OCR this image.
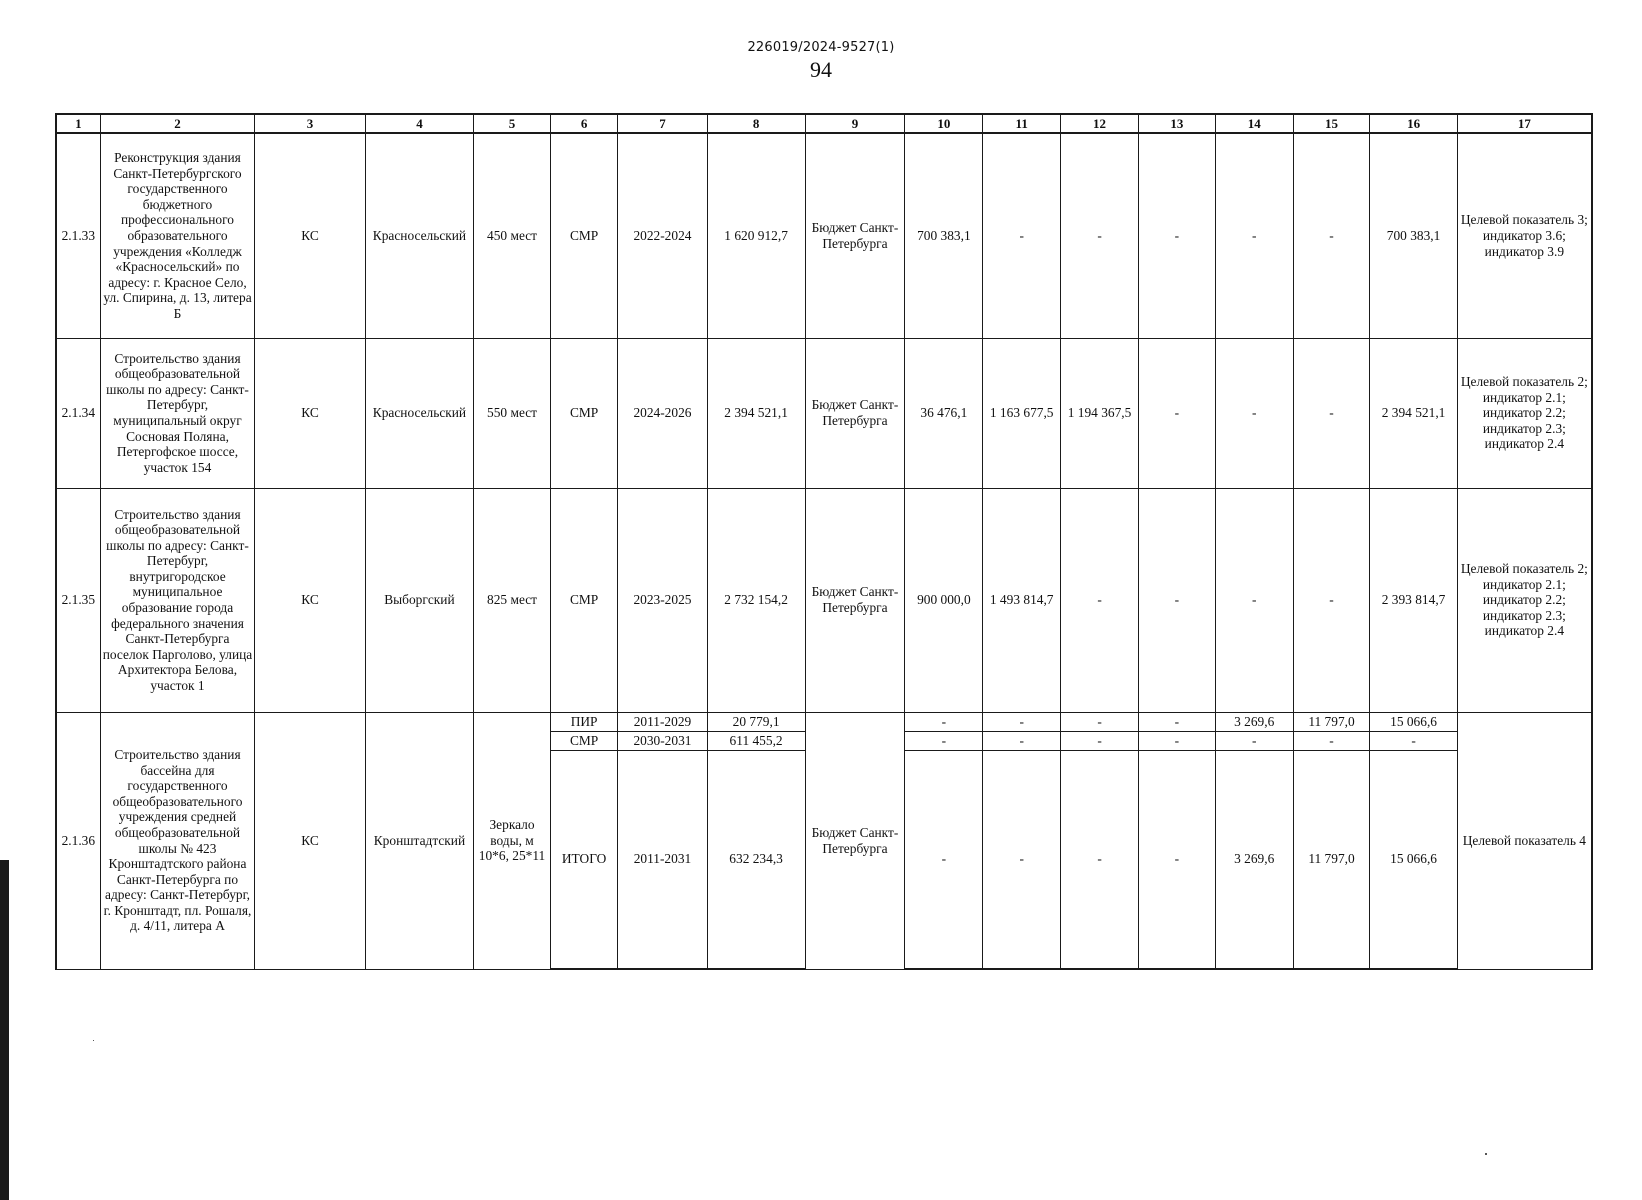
226019/2024-9527(1)
94
1	2	3	4	5	6	7	8	9	10	11	12	13	14	15	16	17
2.1.33	Реконструкция здания Санкт-Петербургского государственного бюджетного профессионального образовательного учреждения «Колледж «Красносельский» по адресу: г. Красное Село, ул. Спирина, д. 13, литера Б	КС	Красносельский	450 мест	СМР	2022-2024	1 620 912,7	Бюджет Санкт-Петербурга	700 383,1	-	-	-	-	-	700 383,1	Целевой показатель 3; индикатор 3.6; индикатор 3.9
2.1.34	Строительство здания общеобразовательной школы по адресу: Санкт-Петербург, муниципальный округ Сосновая Поляна, Петергофское шоссе, участок 154	КС	Красносельский	550 мест	СМР	2024-2026	2 394 521,1	Бюджет Санкт-Петербурга	36 476,1	1 163 677,5	1 194 367,5	-	-	-	2 394 521,1	Целевой показатель 2; индикатор 2.1; индикатор 2.2; индикатор 2.3; индикатор 2.4
2.1.35	Строительство здания общеобразовательной школы по адресу: Санкт-Петербург, внутригородское муниципальное образование города федерального значения Санкт-Петербурга поселок Парголово, улица Архитектора Белова, участок 1	КС	Выборгский	825 мест	СМР	2023-2025	2 732 154,2	Бюджет Санкт-Петербурга	900 000,0	1 493 814,7	-	-	-	-	2 393 814,7	Целевой показатель 2; индикатор 2.1; индикатор 2.2; индикатор 2.3; индикатор 2.4
2.1.36	Строительство здания бассейна для государственного общеобразовательного учреждения средней общеобразовательной школы № 423 Кронштадтского района Санкт-Петербурга по адресу: Санкт-Петербург, г. Кронштадт, пл. Рошаля, д. 4/11, литера А	КС	Кронштадтский	Зеркало воды, м 10*6, 25*11	ПИР	2011-2029	20 779,1	Бюджет Санкт-Петербурга	-	-	-	-	3 269,6	11 797,0	15 066,6	Целевой показатель 4
					СМР	2030-2031	611 455,2		-	-	-	-	-	-	-	
					ИТОГО	2011-2031	632 234,3		-	-	-	-	3 269,6	11 797,0	15 066,6	
